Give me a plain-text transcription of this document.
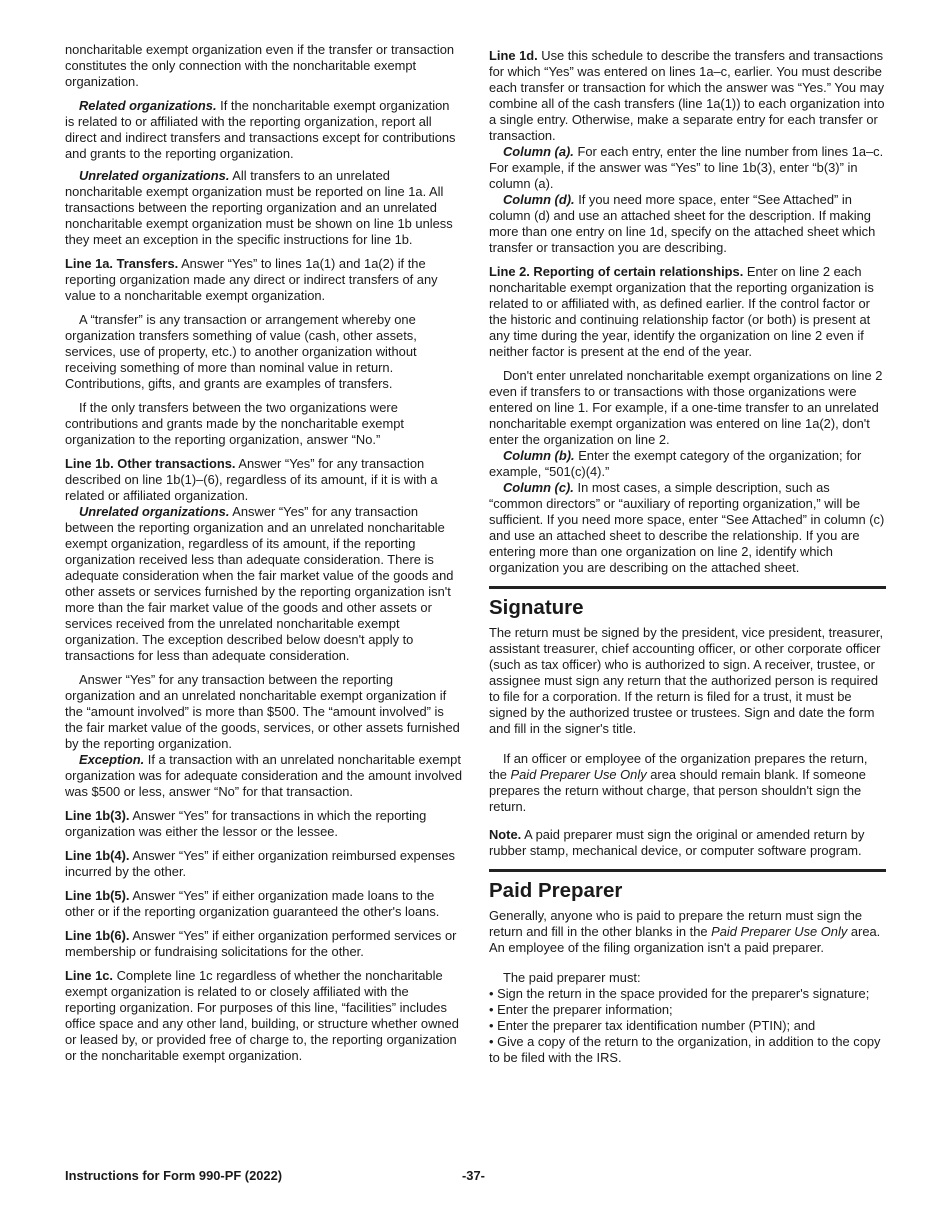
noncharitable exempt organization even if the transfer or transaction constitutes the only connection with the noncharitable exempt organization.

Related organizations. If the noncharitable exempt organization is related to or affiliated with the reporting organization, report all direct and indirect transfers and transactions except for contributions and grants to the reporting organization.

Unrelated organizations. All transfers to an unrelated noncharitable exempt organization must be reported on line 1a. All transactions between the reporting organization and an unrelated noncharitable exempt organization must be shown on line 1b unless they meet an exception in the specific instructions for line 1b.

Line 1a. Transfers. Answer “Yes” to lines 1a(1) and 1a(2) if the reporting organization made any direct or indirect transfers of any value to a noncharitable exempt organization.

A “transfer” is any transaction or arrangement whereby one organization transfers something of value (cash, other assets, services, use of property, etc.) to another organization without receiving something of more than nominal value in return. Contributions, gifts, and grants are examples of transfers.

If the only transfers between the two organizations were contributions and grants made by the noncharitable exempt organization to the reporting organization, answer “No.”

Line 1b. Other transactions. Answer “Yes” for any transaction described on line 1b(1)–(6), regardless of its amount, if it is with a related or affiliated organization.

Unrelated organizations. Answer “Yes” for any transaction between the reporting organization and an unrelated noncharitable exempt organization, regardless of its amount, if the reporting organization received less than adequate consideration. There is adequate consideration when the fair market value of the goods and other assets or services furnished by the reporting organization isn't more than the fair market value of the goods and other assets or services received from the unrelated noncharitable exempt organization. The exception described below doesn't apply to transactions for less than adequate consideration.

Answer “Yes” for any transaction between the reporting organization and an unrelated noncharitable exempt organization if the “amount involved” is more than $500. The “amount involved” is the fair market value of the goods, services, or other assets furnished by the reporting organization.

Exception. If a transaction with an unrelated noncharitable exempt organization was for adequate consideration and the amount involved was $500 or less, answer “No” for that transaction.

Line 1b(3). Answer “Yes” for transactions in which the reporting organization was either the lessor or the lessee.

Line 1b(4). Answer “Yes” if either organization reimbursed expenses incurred by the other.

Line 1b(5). Answer “Yes” if either organization made loans to the other or if the reporting organization guaranteed the other's loans.

Line 1b(6). Answer “Yes” if either organization performed services or membership or fundraising solicitations for the other.

Line 1c. Complete line 1c regardless of whether the noncharitable exempt organization is related to or closely affiliated with the reporting organization. For purposes of this line, “facilities” includes office space and any other land, building, or structure whether owned or leased by, or provided free of charge to, the reporting organization or the noncharitable exempt organization.

Line 1d. Use this schedule to describe the transfers and transactions for which “Yes” was entered on lines 1a–c, earlier. You must describe each transfer or transaction for which the answer was “Yes.” You may combine all of the cash transfers (line 1a(1)) to each organization into a single entry. Otherwise, make a separate entry for each transfer or transaction.

Column (a). For each entry, enter the line number from lines 1a–c. For example, if the answer was “Yes” to line 1b(3), enter “b(3)” in column (a).

Column (d). If you need more space, enter “See Attached” in column (d) and use an attached sheet for the description. If making more than one entry on line 1d, specify on the attached sheet which transfer or transaction you are describing.

Line 2. Reporting of certain relationships. Enter on line 2 each noncharitable exempt organization that the reporting organization is related to or affiliated with, as defined earlier. If the control factor or the historic and continuing relationship factor (or both) is present at any time during the year, identify the organization on line 2 even if neither factor is present at the end of the year.

Don't enter unrelated noncharitable exempt organizations on line 2 even if transfers to or transactions with those organizations were entered on line 1. For example, if a one-time transfer to an unrelated noncharitable exempt organization was entered on line 1a(2), don't enter the organization on line 2.

Column (b). Enter the exempt category of the organization; for example, “501(c)(4).”

Column (c). In most cases, a simple description, such as “common directors” or “auxiliary of reporting organization,” will be sufficient. If you need more space, enter “See Attached” in column (c) and use an attached sheet to describe the relationship. If you are entering more than one organization on line 2, identify which organization you are describing on the attached sheet.

Signature

The return must be signed by the president, vice president, treasurer, assistant treasurer, chief accounting officer, or other corporate officer (such as tax officer) who is authorized to sign. A receiver, trustee, or assignee must sign any return that the authorized person is required to file for a corporation. If the return is filed for a trust, it must be signed by the authorized trustee or trustees. Sign and date the form and fill in the signer's title.

If an officer or employee of the organization prepares the return, the Paid Preparer Use Only area should remain blank. If someone prepares the return without charge, that person shouldn't sign the return.

Note. A paid preparer must sign the original or amended return by rubber stamp, mechanical device, or computer software program.

Paid Preparer

Generally, anyone who is paid to prepare the return must sign the return and fill in the other blanks in the Paid Preparer Use Only area. An employee of the filing organization isn't a paid preparer.

The paid preparer must:

• Sign the return in the space provided for the preparer's signature;
• Enter the preparer information;
• Enter the preparer tax identification number (PTIN); and
• Give a copy of the return to the organization, in addition to the copy to be filed with the IRS.
Instructions for Form 990-PF (2022)	-37-
